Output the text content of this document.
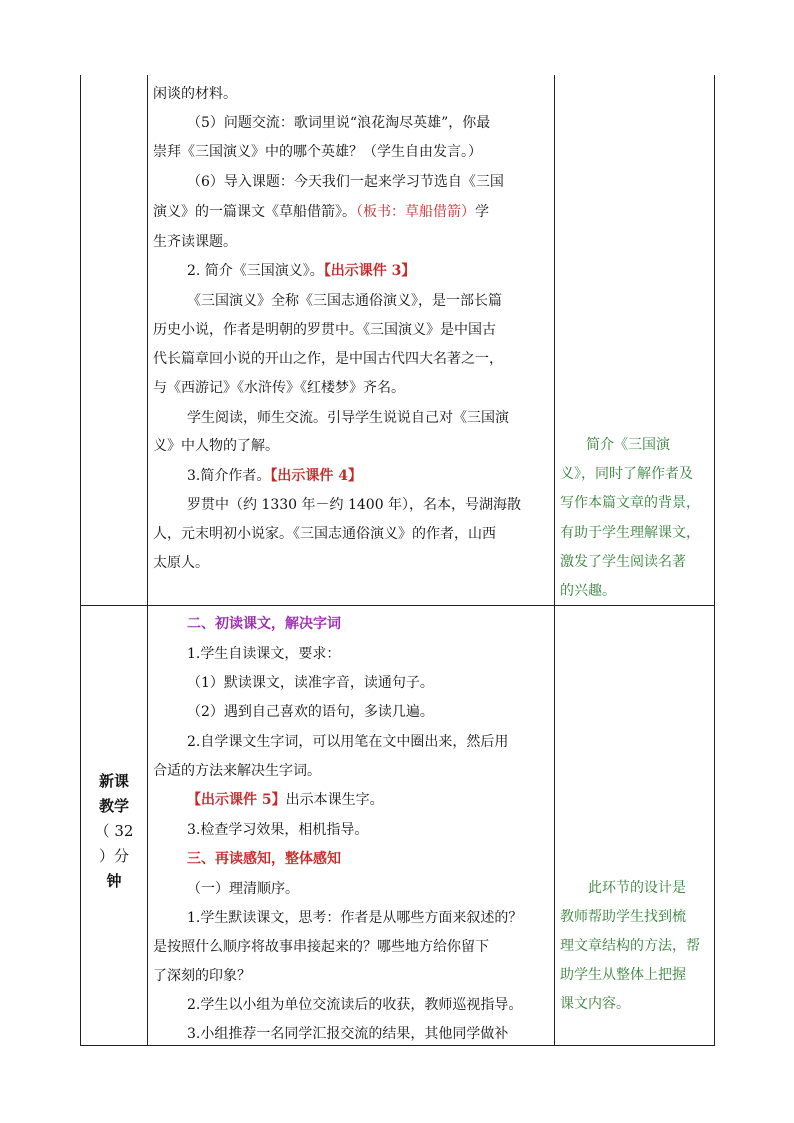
闲谈的材料。
（5）问题交流：歌词里说“浪花淘尽英雄”，你最
崇拜《三国演义》中的哪个英雄？（学生自由发言。）
（6）导入课题：今天我们一起来学习节选自《三国
演义》的一篇课文《草船借箭》。（板书：草船借箭）学
生齐读课题。
2. 简介《三国演义》。【出示课件 3】
《三国演义》全称《三国志通俗演义》，是一部长篇
历史小说，作者是明朝的罗贯中。《三国演义》是中国古
代长篇章回小说的开山之作，是中国古代四大名著之一，
与《西游记》《水浒传》《红楼梦》齐名。
学生阅读，师生交流。引导学生说说自己对《三国演
义》中人物的了解。
3.简介作者。【出示课件 4】
罗贯中（约 1330 年－约 1400 年），名本，号湖海散
人，元末明初小说家。《三国志通俗演义》的作者，山西
太原人。
简介《三国演
义》，同时了解作者及
写作本篇文章的背景，
有助于学生理解课文，
激发了学生阅读名著
的兴趣。
新课
教学
（ 32
）分
钟
二、初读课文，解决字词
1.学生自读课文，要求：
（1）默读课文，读准字音，读通句子。
（2）遇到自己喜欢的语句，多读几遍。
2.自学课文生字词，可以用笔在文中圈出来，然后用
合适的方法来解决生字词。
【出示课件 5】出示本课生字。
3.检查学习效果，相机指导。
三、再读感知，整体感知
（一）理清顺序。
1.学生默读课文，思考：作者是从哪些方面来叙述的？
是按照什么顺序将故事串接起来的？哪些地方给你留下
了深刻的印象？
2.学生以小组为单位交流读后的收获，教师巡视指导。
3.小组推荐一名同学汇报交流的结果，其他同学做补
此环节的设计是
教师帮助学生找到梳
理文章结构的方法，帮
助学生从整体上把握
课文内容。
